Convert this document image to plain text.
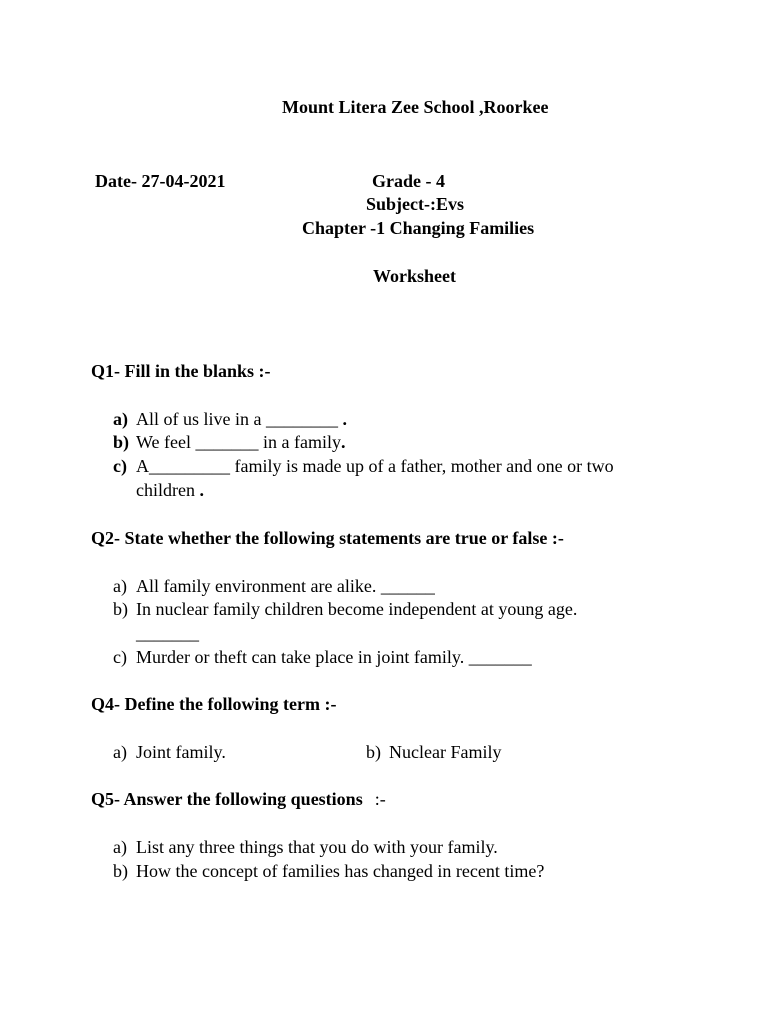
Mount Litera Zee School ,Roorkee
Date- 27-04-2021	Grade - 4
Subject-:Evs
Chapter -1 Changing Families
Worksheet
Q1- Fill in the blanks :-
a) All of us live in a ________ .
b) We feel _______ in a family.
c) A_________ family is made up of a father, mother and one or two
children .
Q2- State whether the following statements are true or false :-
a) All family environment are alike. ______
b) In nuclear family children become independent at young age.
_______
c) Murder or theft can take place in joint family. _______
Q4- Define the following term :-
a) Joint family.	b) Nuclear Family
Q5- Answer the following questions :-
a) List any three things that you do with your family.
b) How the concept of families has changed in recent time?
